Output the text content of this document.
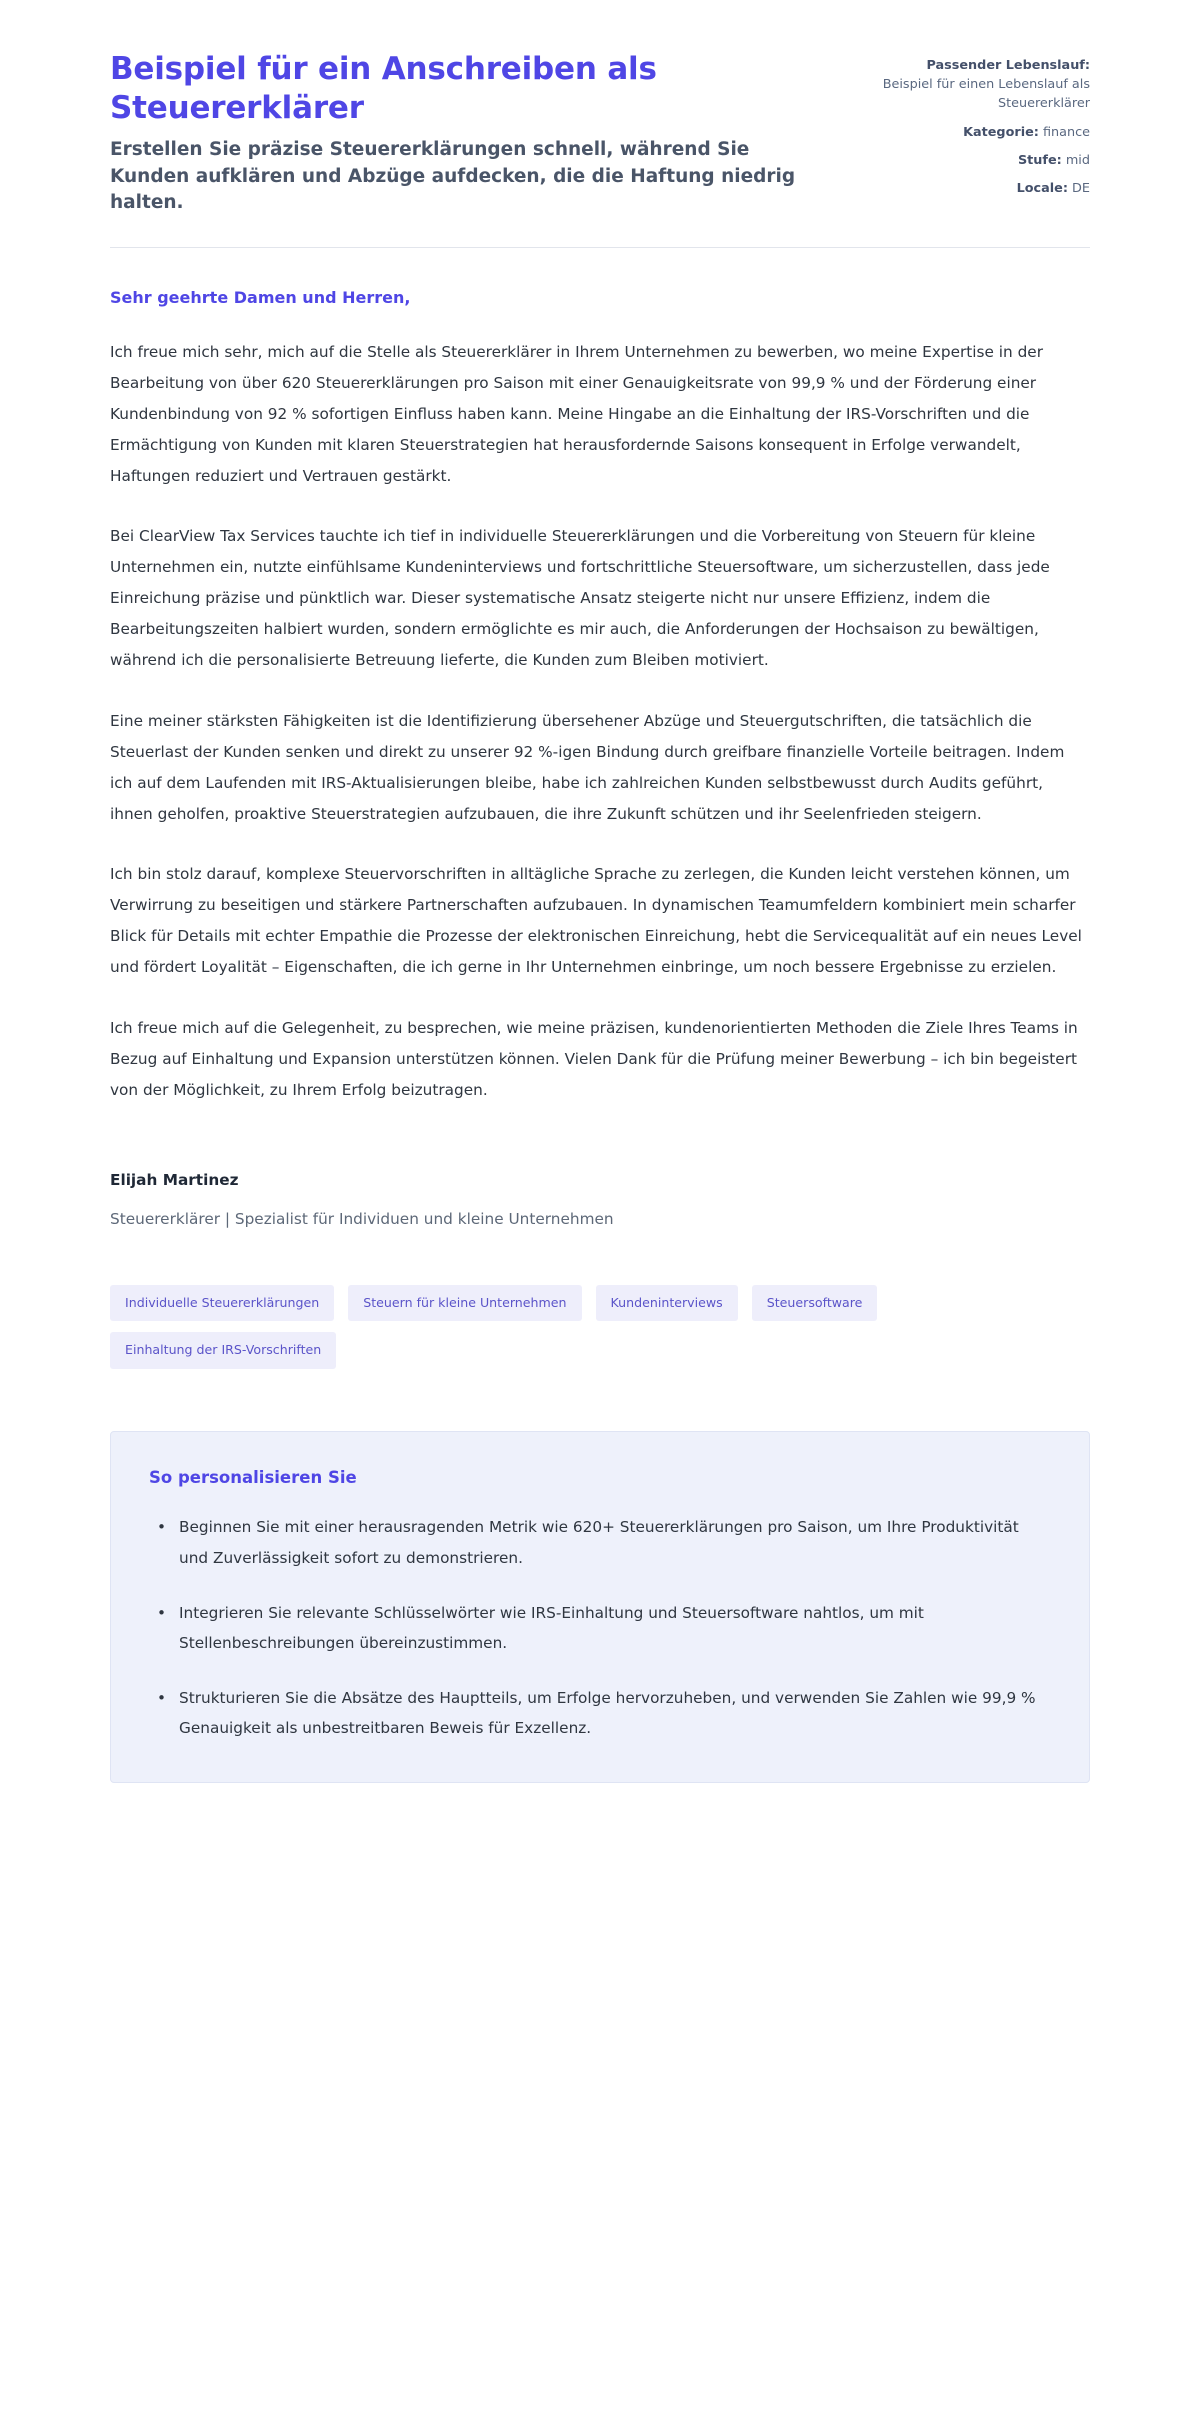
Beispiel für ein Anschreiben als Steuererklärer

Erstellen Sie präzise Steuererklärungen schnell, während Sie Kunden aufklären und Abzüge aufdecken, die die Haftung niedrig halten.

Passender Lebenslauf:
Beispiel für einen Lebenslauf als Steuererklärer
Kategorie: finance
Stufe: mid
Locale: DE

Sehr geehrte Damen und Herren,

Ich freue mich sehr, mich auf die Stelle als Steuererklärer in Ihrem Unternehmen zu bewerben, wo meine Expertise in der Bearbeitung von über 620 Steuererklärungen pro Saison mit einer Genauigkeitsrate von 99,9 % und der Förderung einer Kundenbindung von 92 % sofortigen Einfluss haben kann. Meine Hingabe an die Einhaltung der IRS-Vorschriften und die Ermächtigung von Kunden mit klaren Steuerstrategien hat herausfordernde Saisons konsequent in Erfolge verwandelt, Haftungen reduziert und Vertrauen gestärkt.

Bei ClearView Tax Services tauchte ich tief in individuelle Steuererklärungen und die Vorbereitung von Steuern für kleine Unternehmen ein, nutzte einfühlsame Kundeninterviews und fortschrittliche Steuersoftware, um sicherzustellen, dass jede Einreichung präzise und pünktlich war. Dieser systematische Ansatz steigerte nicht nur unsere Effizienz, indem die Bearbeitungszeiten halbiert wurden, sondern ermöglichte es mir auch, die Anforderungen der Hochsaison zu bewältigen, während ich die personalisierte Betreuung lieferte, die Kunden zum Bleiben motiviert.

Eine meiner stärksten Fähigkeiten ist die Identifizierung übersehener Abzüge und Steuergutschriften, die tatsächlich die Steuerlast der Kunden senken und direkt zu unserer 92 %-igen Bindung durch greifbare finanzielle Vorteile beitragen. Indem ich auf dem Laufenden mit IRS-Aktualisierungen bleibe, habe ich zahlreichen Kunden selbstbewusst durch Audits geführt, ihnen geholfen, proaktive Steuerstrategien aufzubauen, die ihre Zukunft schützen und ihr Seelenfrieden steigern.

Ich bin stolz darauf, komplexe Steuervorschriften in alltägliche Sprache zu zerlegen, die Kunden leicht verstehen können, um Verwirrung zu beseitigen und stärkere Partnerschaften aufzubauen. In dynamischen Teamumfeldern kombiniert mein scharfer Blick für Details mit echter Empathie die Prozesse der elektronischen Einreichung, hebt die Servicequalität auf ein neues Level und fördert Loyalität – Eigenschaften, die ich gerne in Ihr Unternehmen einbringe, um noch bessere Ergebnisse zu erzielen.

Ich freue mich auf die Gelegenheit, zu besprechen, wie meine präzisen, kundenorientierten Methoden die Ziele Ihres Teams in Bezug auf Einhaltung und Expansion unterstützen können. Vielen Dank für die Prüfung meiner Bewerbung – ich bin begeistert von der Möglichkeit, zu Ihrem Erfolg beizutragen.

Elijah Martinez

Steuererklärer | Spezialist für Individuen und kleine Unternehmen

Individuelle Steuererklärungen	Steuern für kleine Unternehmen	Kundeninterviews	Steuersoftware
Einhaltung der IRS-Vorschriften
So personalisieren Sie
• Beginnen Sie mit einer herausragenden Metrik wie 620+ Steuererklärungen pro Saison, um Ihre Produktivität und Zuverlässigkeit sofort zu demonstrieren.
• Integrieren Sie relevante Schlüsselwörter wie IRS-Einhaltung und Steuersoftware nahtlos, um mit Stellenbeschreibungen übereinzustimmen.
• Strukturieren Sie die Absätze des Hauptteils, um Erfolge hervorzuheben, und verwenden Sie Zahlen wie 99,9 % Genauigkeit als unbestreitbaren Beweis für Exzellenz.
